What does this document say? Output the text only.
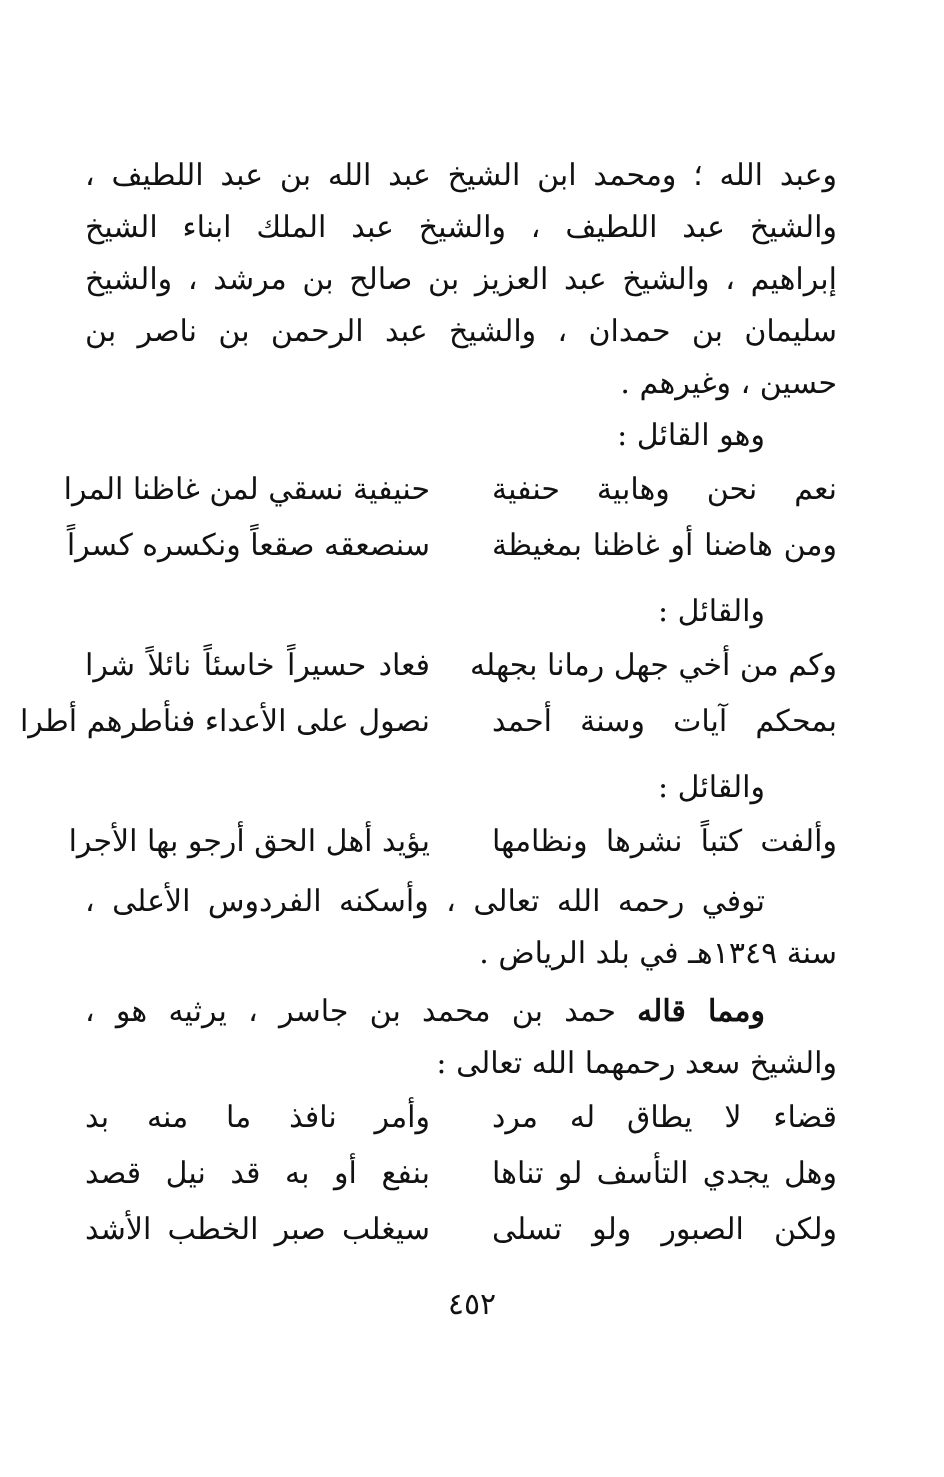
وعبد الله ؛ ومحمد ابن الشيخ عبد الله بن عبد اللطيف ،
والشيخ عبد اللطيف ، والشيخ عبد الملك ابناء الشيخ
إبراهيم ، والشيخ عبد العزيز بن صالح بن مرشد ، والشيخ
سليمان بن حمدان ، والشيخ عبد الرحمن بن ناصر بن
حسين ، وغيرهم .

وهو القائل :

نعم نحن وهابية حنفية
حنيفية نسقي لمن غاظنا المرا
ومن هاضنا أو غاظنا بمغيظة
سنصعقه صقعاً ونكسره كسراً

والقائل :

وكم من أخي جهل رمانا بجهله
فعاد حسيراً خاسئاً نائلاً شرا
بمحكم آيات وسنة أحمد
نصول على الأعداء فنأطرهم أطرا

والقائل :

وألفت كتباً نشرها ونظامها
يؤيد أهل الحق أرجو بها الأجرا

توفي رحمه الله تعالى ، وأسكنه الفردوس الأعلى ،
سنة ١٣٤٩هـ في بلد الرياض .

ومما قاله حمد بن محمد بن جاسر ، يرثيه هو ،
والشيخ سعد رحمهما الله تعالى :

قضاء لا يطاق له مرد
وأمر نافذ ما منه بد
وهل يجدي التأسف لو تناها
بنفع أو به قد نيل قصد
ولكن الصبور ولو تسلى
سيغلب صبر الخطب الأشد
٤٥٢
